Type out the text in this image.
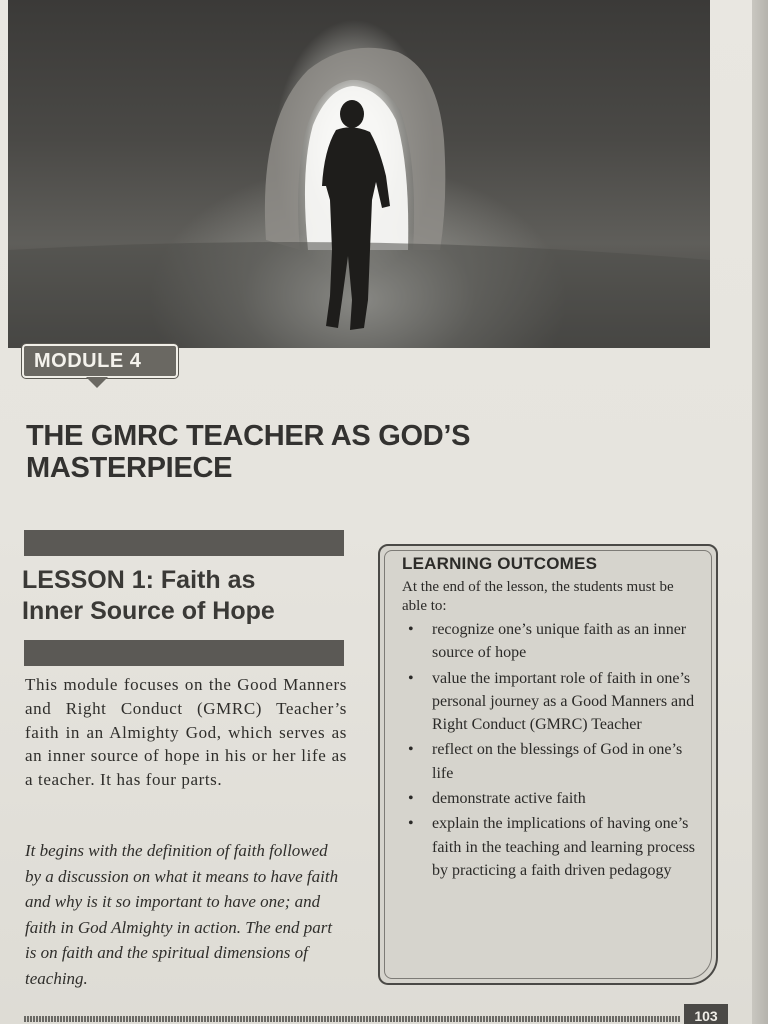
MODULE 4
THE GMRC TEACHER AS GOD’S
MASTERPIECE
LESSON 1: Faith as
Inner Source of Hope

This module focuses on the Good Manners and Right Conduct (GMRC) Teacher’s faith in an Almighty God, which serves as an inner source of hope in his or her life as a teacher. It has four parts.

It begins with the definition of faith followed by a discussion on what it means to have faith and why is it so important to have one; and faith in God Almighty in action. The end part is on faith and the spiritual dimensions of teaching.

LEARNING OUTCOMES

At the end of the lesson, the students must be able to:

• recognize one’s unique faith as an inner source of hope
• value the important role of faith in one’s personal journey as a Good Manners and Right Conduct (GMRC) Teacher
• reflect on the blessings of God in one’s life
• demonstrate active faith
• explain the implications of having one’s faith in the teaching and learning process by practicing a faith driven pedagogy
103
